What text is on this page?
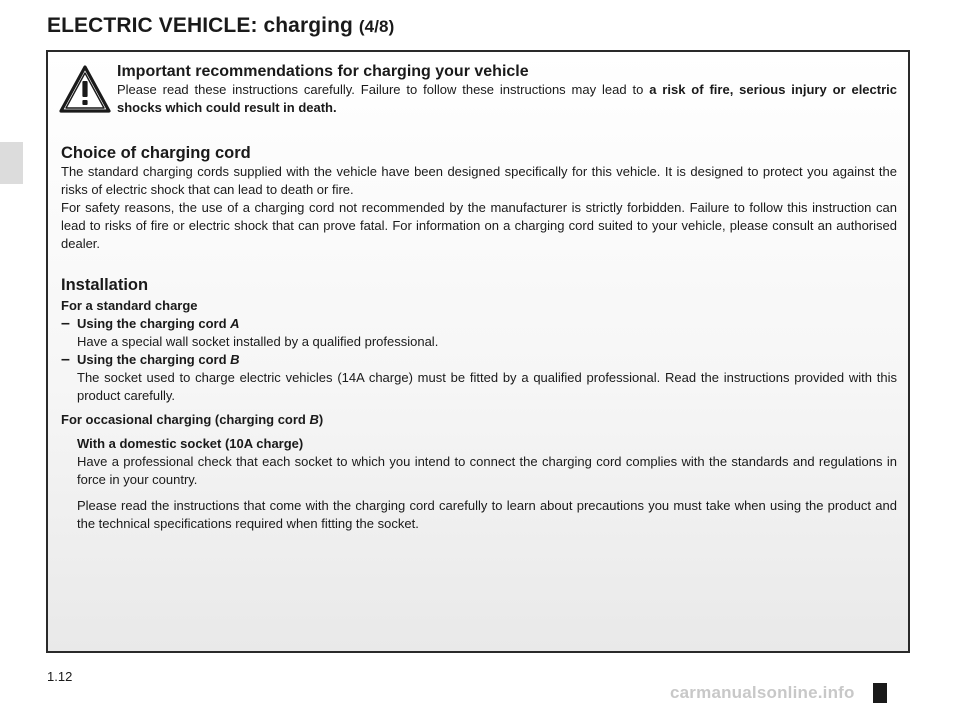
ELECTRIC VEHICLE: charging (4/8)
Important recommendations for charging your vehicle
Please read these instructions carefully. Failure to follow these instructions may lead to a risk of fire, serious injury or electric shocks which could result in death.
Choice of charging cord
The standard charging cords supplied with the vehicle have been designed specifically for this vehicle. It is designed to protect you against the risks of electric shock that can lead to death or fire.
For safety reasons, the use of a charging cord not recommended by the manufacturer is strictly forbidden. Failure to follow this instruction can lead to risks of fire or electric shock that can prove fatal. For information on a charging cord suited to your vehicle, please consult an authorised dealer.
Installation
For a standard charge
– Using the charging cord A
Have a special wall socket installed by a qualified professional.
– Using the charging cord B
The socket used to charge electric vehicles (14A charge) must be fitted by a qualified professional. Read the instructions provided with this product carefully.
For occasional charging (charging cord B)
With a domestic socket (10A charge)
Have a professional check that each socket to which you intend to connect the charging cord complies with the standards and regulations in force in your country.
Please read the instructions that come with the charging cord carefully to learn about precautions you must take when using the product and the technical specifications required when fitting the socket.
1.12
carmanualsonline.info
